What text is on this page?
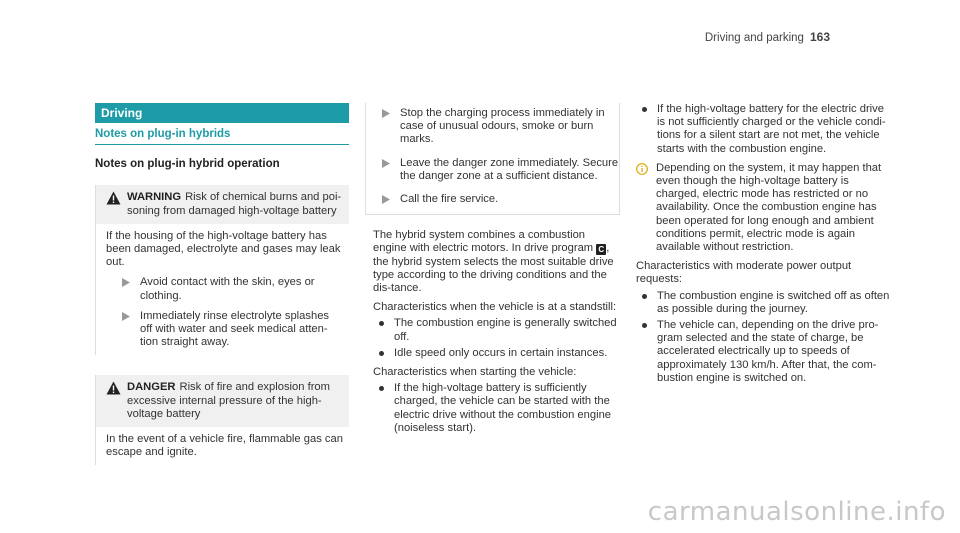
Driving and parking 163
Driving
Notes on plug-in hybrids
Notes on plug-in hybrid operation
WARNING Risk of chemical burns and poi-soning from damaged high-voltage battery

If the housing of the high-voltage battery has been damaged, electrolyte and gases may leak out.

Avoid contact with the skin, eyes or clothing.
Immediately rinse electrolyte splashes off with water and seek medical atten-tion straight away.
DANGER Risk of fire and explosion from excessive internal pressure of the high-voltage battery

In the event of a vehicle fire, flammable gas can escape and ignite.

Stop the charging process immediately in case of unusual odours, smoke or burn marks.
Leave the danger zone immediately. Secure the danger zone at a sufficient distance.
Call the fire service.

The hybrid system combines a combustion engine with electric motors. In drive program C , the hybrid system selects the most suitable drive type according to the driving conditions and the dis-tance.

Characteristics when the vehicle is at a standstill:

The combustion engine is generally switched off.
Idle speed only occurs in certain instances.

Characteristics when starting the vehicle:

If the high-voltage battery is sufficiently charged, the vehicle can be started with the electric drive without the combustion engine (noiseless start).
If the high-voltage battery for the electric drive is not sufficiently charged or the vehicle condi-tions for a silent start are not met, the vehicle starts with the combustion engine.
Depending on the system, it may happen that even though the high-voltage battery is charged, electric mode has restricted or no availability. Once the combustion engine has been operated for long enough and ambient conditions permit, electric mode is again available without restriction.

Characteristics with moderate power output requests:

The combustion engine is switched off as often as possible during the journey.
The vehicle can, depending on the drive pro-gram selected and the state of charge, be accelerated electrically up to speeds of approximately 130 km/h. After that, the com-bustion engine is switched on.
carmanualsonline.info
